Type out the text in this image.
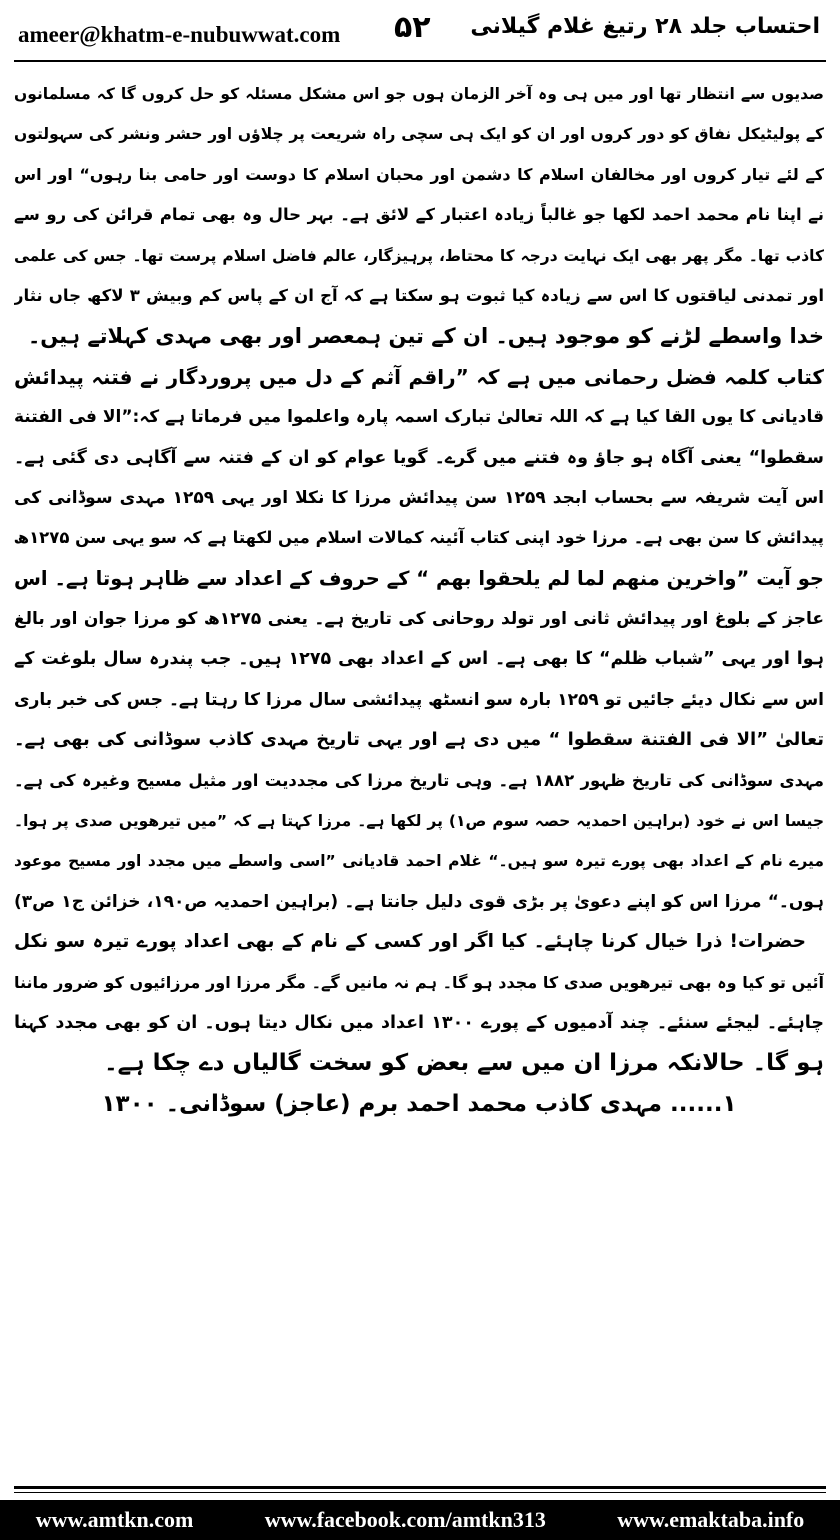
ameer@khatm-e-nubuwwat.com ۵۲ احتساب جلد ۲۸ رتیغ غلام گیلانی
صدیوں سے انتظار تھا اور میں ہی وہ آخر الزمان ہوں جو اس مشکل مسئلہ کو حل کروں گا کہ مسلمانوں
کے پولیٹیکل نفاق کو دور کروں اور ان کو ایک ہی سچی راہ شریعت پر چلاؤں اور حشر ونشر کی سہولتوں
کے لئے تیار کروں اور مخالفان اسلام کا دشمن اور محبان اسلام کا دوست اور حامی بنا رہوں“ اور اس
نے اپنا نام محمد احمد لکھا جو غالباً زیادہ اعتبار کے لائق ہے۔ بہر حال وہ بھی تمام قرائن کی رو سے
کاذب تھا۔ مگر پھر بھی ایک نہایت درجہ کا محتاط، پرہیزگار، عالم فاضل اسلام پرست تھا۔ جس کی علمی
اور تمدنی لیاقتوں کا اس سے زیادہ کیا ثبوت ہو سکتا ہے کہ آج ان کے پاس کم وبیش ۳ لاکھ جاں نثار
خدا واسطے لڑنے کو موجود ہیں۔ ان کے تین ہمعصر اور بھی مہدی کہلاتے ہیں۔
کتاب کلمہ فضل رحمانی میں ہے کہ ”راقم آثم کے دل میں پروردگار نے فتنہ پیدائش
قادیانی کا یوں القا کیا ہے کہ اللہ تعالیٰ تبارک اسمہ پارہ واعلموا میں فرماتا ہے کہ:”الا فی الفتنة
سقطوا“ یعنی آگاہ ہو جاؤ وہ فتنے میں گرے۔ گویا عوام کو ان کے فتنہ سے آگاہی دی گئی ہے۔
اس آیت شریفہ سے بحساب ابجد ۱۲۵۹ سن پیدائش مرزا کا نکلا اور یہی ۱۲۵۹ مہدی سوڈانی کی
پیدائش کا سن بھی ہے۔ مرزا خود اپنی کتاب آئینہ کمالات اسلام میں لکھتا ہے کہ سو یہی سن ۱۲۷۵ھ
جو آیت ”واخرین منهم لما لم یلحقوا بهم “ کے حروف کے اعداد سے ظاہر ہوتا ہے۔ اس
عاجز کے بلوغ اور پیدائش ثانی اور تولد روحانی کی تاریخ ہے۔ یعنی ۱۲۷۵ھ کو مرزا جوان اور بالغ
ہوا اور یہی ”شباب ظلم“ کا بھی ہے۔ اس کے اعداد بھی ۱۲۷۵ ہیں۔ جب پندرہ سال بلوغت کے
اس سے نکال دیئے جائیں تو ۱۲۵۹ بارہ سو انسٹھ پیدائشی سال مرزا کا رہتا ہے۔ جس کی خبر باری
تعالیٰ ”الا فی الفتنة سقطوا “ میں دی ہے اور یہی تاریخ مہدی کاذب سوڈانی کی بھی ہے۔
مہدی سوڈانی کی تاریخ ظہور ۱۸۸۲ ہے۔ وہی تاریخ مرزا کی مجددیت اور مثیل مسیح وغیرہ کی ہے۔
جیسا اس نے خود (براہین احمدیہ حصہ سوم ص۱) پر لکھا ہے۔ مرزا کہتا ہے کہ ”میں تیرھویں صدی پر ہوا۔
میرے نام کے اعداد بھی پورے تیرہ سو ہیں۔“ غلام احمد قادیانی ”اسی واسطے میں مجدد اور مسیح موعود
ہوں۔“ مرزا اس کو اپنے دعویٰ پر بڑی قوی دلیل جانتا ہے۔ (براہین احمدیہ ص۱۹۰، خزائن ج۱ ص۳)
حضرات! ذرا خیال کرنا چاہئے۔ کیا اگر اور کسی کے نام کے بھی اعداد پورے تیرہ سو نکل
آئیں تو کیا وہ بھی تیرھویں صدی کا مجدد ہو گا۔ ہم نہ مانیں گے۔ مگر مرزا اور مرزائیوں کو ضرور ماننا
چاہئے۔ لیجئے سنئے۔ چند آدمیوں کے پورے ۱۳۰۰ اعداد میں نکال دیتا ہوں۔ ان کو بھی مجدد کہنا
ہو گا۔ حالانکہ مرزا ان میں سے بعض کو سخت گالیاں دے چکا ہے۔
۱...... مہدی کاذب محمد احمد برم (عاجز) سوڈانی۔ ۱۳۰۰
www.amtkn.com	www.facebook.com/amtkn313	www.emaktaba.info
